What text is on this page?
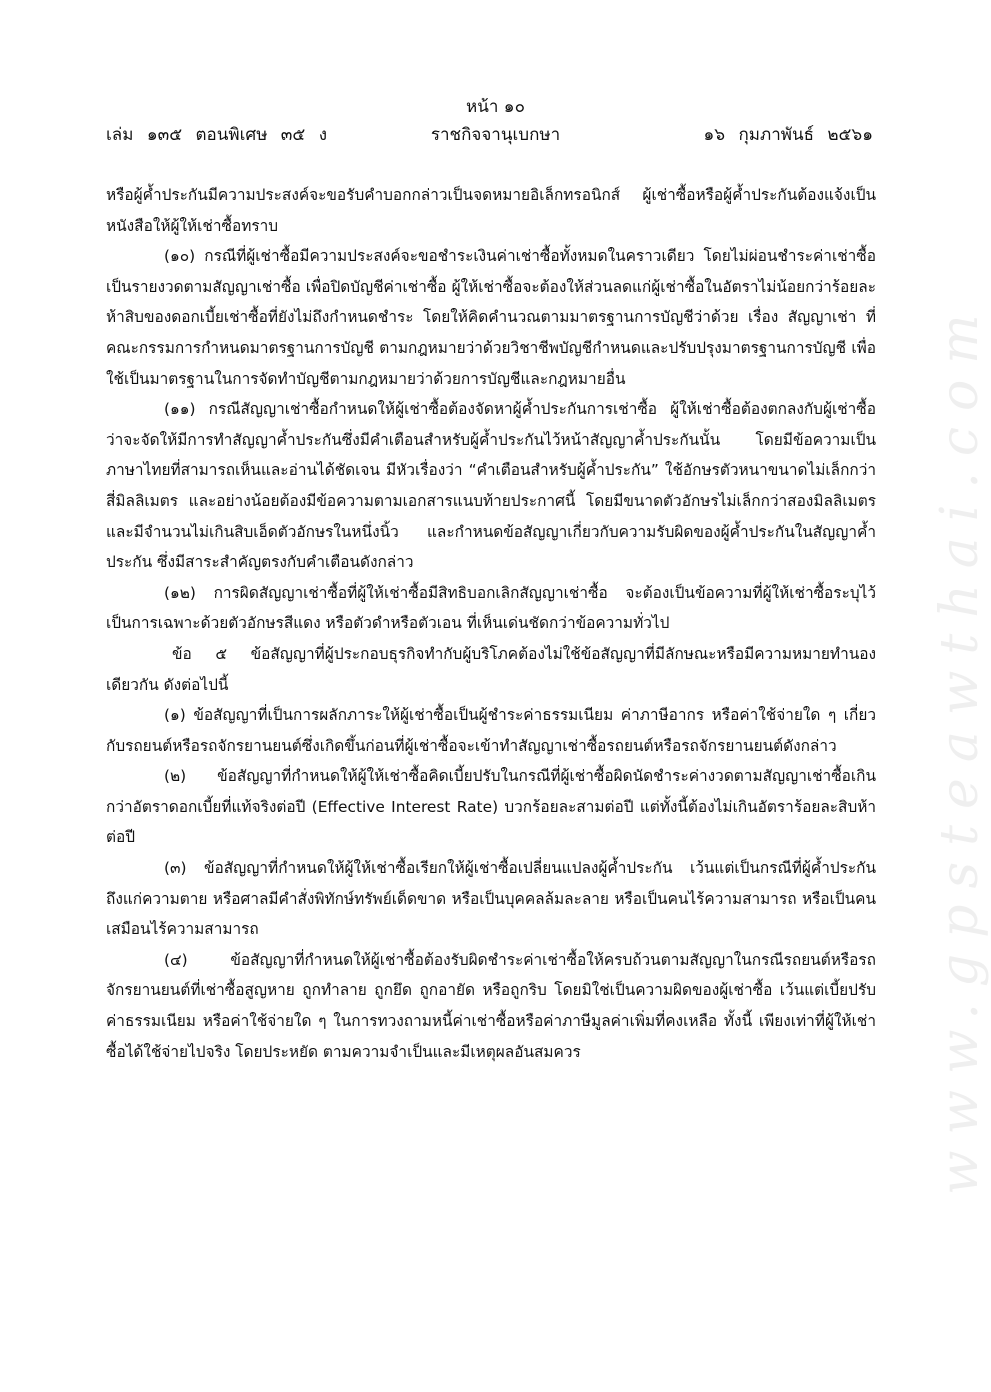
www.gpsteawthai.com
หน้า ๑๐
เล่ม ๑๓๕ ตอนพิเศษ ๓๕ ง	ราชกิจจานุเบกษา	๑๖ กุมภาพันธ์ ๒๕๖๑

หรือผู้ค้ำประกันมีความประสงค์จะขอรับคำบอกกล่าวเป็นจดหมายอิเล็กทรอนิกส์ ผู้เช่าซื้อหรือผู้ค้ำประกันต้องแจ้งเป็นหนังสือให้ผู้ให้เช่าซื้อทราบ

(๑๐) กรณีที่ผู้เช่าซื้อมีความประสงค์จะขอชำระเงินค่าเช่าซื้อทั้งหมดในคราวเดียว โดยไม่ผ่อนชำระค่าเช่าซื้อเป็นรายงวดตามสัญญาเช่าซื้อ เพื่อปิดบัญชีค่าเช่าซื้อ ผู้ให้เช่าซื้อจะต้องให้ส่วนลดแก่ผู้เช่าซื้อในอัตราไม่น้อยกว่าร้อยละห้าสิบของดอกเบี้ยเช่าซื้อที่ยังไม่ถึงกำหนดชำระ โดยให้คิดคำนวณตามมาตรฐานการบัญชีว่าด้วย เรื่อง สัญญาเช่า ที่คณะกรรมการกำหนดมาตรฐานการบัญชี ตามกฎหมายว่าด้วยวิชาชีพบัญชีกำหนดและปรับปรุงมาตรฐานการบัญชี เพื่อใช้เป็นมาตรฐานในการจัดทำบัญชีตามกฎหมายว่าด้วยการบัญชีและกฎหมายอื่น

(๑๑) กรณีสัญญาเช่าซื้อกำหนดให้ผู้เช่าซื้อต้องจัดหาผู้ค้ำประกันการเช่าซื้อ ผู้ให้เช่าซื้อต้องตกลงกับผู้เช่าซื้อว่าจะจัดให้มีการทำสัญญาค้ำประกันซึ่งมีคำเตือนสำหรับผู้ค้ำประกันไว้หน้าสัญญาค้ำประกันนั้น โดยมีข้อความเป็นภาษาไทยที่สามารถเห็นและอ่านได้ชัดเจน มีหัวเรื่องว่า “คำเตือนสำหรับผู้ค้ำประกัน” ใช้อักษรตัวหนาขนาดไม่เล็กกว่าสี่มิลลิเมตร และอย่างน้อยต้องมีข้อความตามเอกสารแนบท้ายประกาศนี้ โดยมีขนาดตัวอักษรไม่เล็กกว่าสองมิลลิเมตร และมีจำนวนไม่เกินสิบเอ็ดตัวอักษรในหนึ่งนิ้ว และกำหนดข้อสัญญาเกี่ยวกับความรับผิดของผู้ค้ำประกันในสัญญาค้ำประกัน ซึ่งมีสาระสำคัญตรงกับคำเตือนดังกล่าว

(๑๒) การผิดสัญญาเช่าซื้อที่ผู้ให้เช่าซื้อมีสิทธิบอกเลิกสัญญาเช่าซื้อ จะต้องเป็นข้อความที่ผู้ให้เช่าซื้อระบุไว้เป็นการเฉพาะด้วยตัวอักษรสีแดง หรือตัวดำหรือตัวเอน ที่เห็นเด่นชัดกว่าข้อความทั่วไป

ข้อ ๕ ข้อสัญญาที่ผู้ประกอบธุรกิจทำกับผู้บริโภคต้องไม่ใช้ข้อสัญญาที่มีลักษณะหรือมีความหมายทำนองเดียวกัน ดังต่อไปนี้

(๑) ข้อสัญญาที่เป็นการผลักภาระให้ผู้เช่าซื้อเป็นผู้ชำระค่าธรรมเนียม ค่าภาษีอากร หรือค่าใช้จ่ายใด ๆ เกี่ยวกับรถยนต์หรือรถจักรยานยนต์ซึ่งเกิดขึ้นก่อนที่ผู้เช่าซื้อจะเข้าทำสัญญาเช่าซื้อรถยนต์หรือรถจักรยานยนต์ดังกล่าว

(๒) ข้อสัญญาที่กำหนดให้ผู้ให้เช่าซื้อคิดเบี้ยปรับในกรณีที่ผู้เช่าซื้อผิดนัดชำระค่างวดตามสัญญาเช่าซื้อเกินกว่าอัตราดอกเบี้ยที่แท้จริงต่อปี (Effective Interest Rate) บวกร้อยละสามต่อปี แต่ทั้งนี้ต้องไม่เกินอัตราร้อยละสิบห้าต่อปี

(๓) ข้อสัญญาที่กำหนดให้ผู้ให้เช่าซื้อเรียกให้ผู้เช่าซื้อเปลี่ยนแปลงผู้ค้ำประกัน เว้นแต่เป็นกรณีที่ผู้ค้ำประกันถึงแก่ความตาย หรือศาลมีคำสั่งพิทักษ์ทรัพย์เด็ดขาด หรือเป็นบุคคลล้มละลาย หรือเป็นคนไร้ความสามารถ หรือเป็นคนเสมือนไร้ความสามารถ

(๔) ข้อสัญญาที่กำหนดให้ผู้เช่าซื้อต้องรับผิดชำระค่าเช่าซื้อให้ครบถ้วนตามสัญญาในกรณีรถยนต์หรือรถจักรยานยนต์ที่เช่าซื้อสูญหาย ถูกทำลาย ถูกยึด ถูกอายัด หรือถูกริบ โดยมิใช่เป็นความผิดของผู้เช่าซื้อ เว้นแต่เบี้ยปรับ ค่าธรรมเนียม หรือค่าใช้จ่ายใด ๆ ในการทวงถามหนี้ค่าเช่าซื้อหรือค่าภาษีมูลค่าเพิ่มที่คงเหลือ ทั้งนี้ เพียงเท่าที่ผู้ให้เช่าซื้อได้ใช้จ่ายไปจริง โดยประหยัด ตามความจำเป็นและมีเหตุผลอันสมควร
